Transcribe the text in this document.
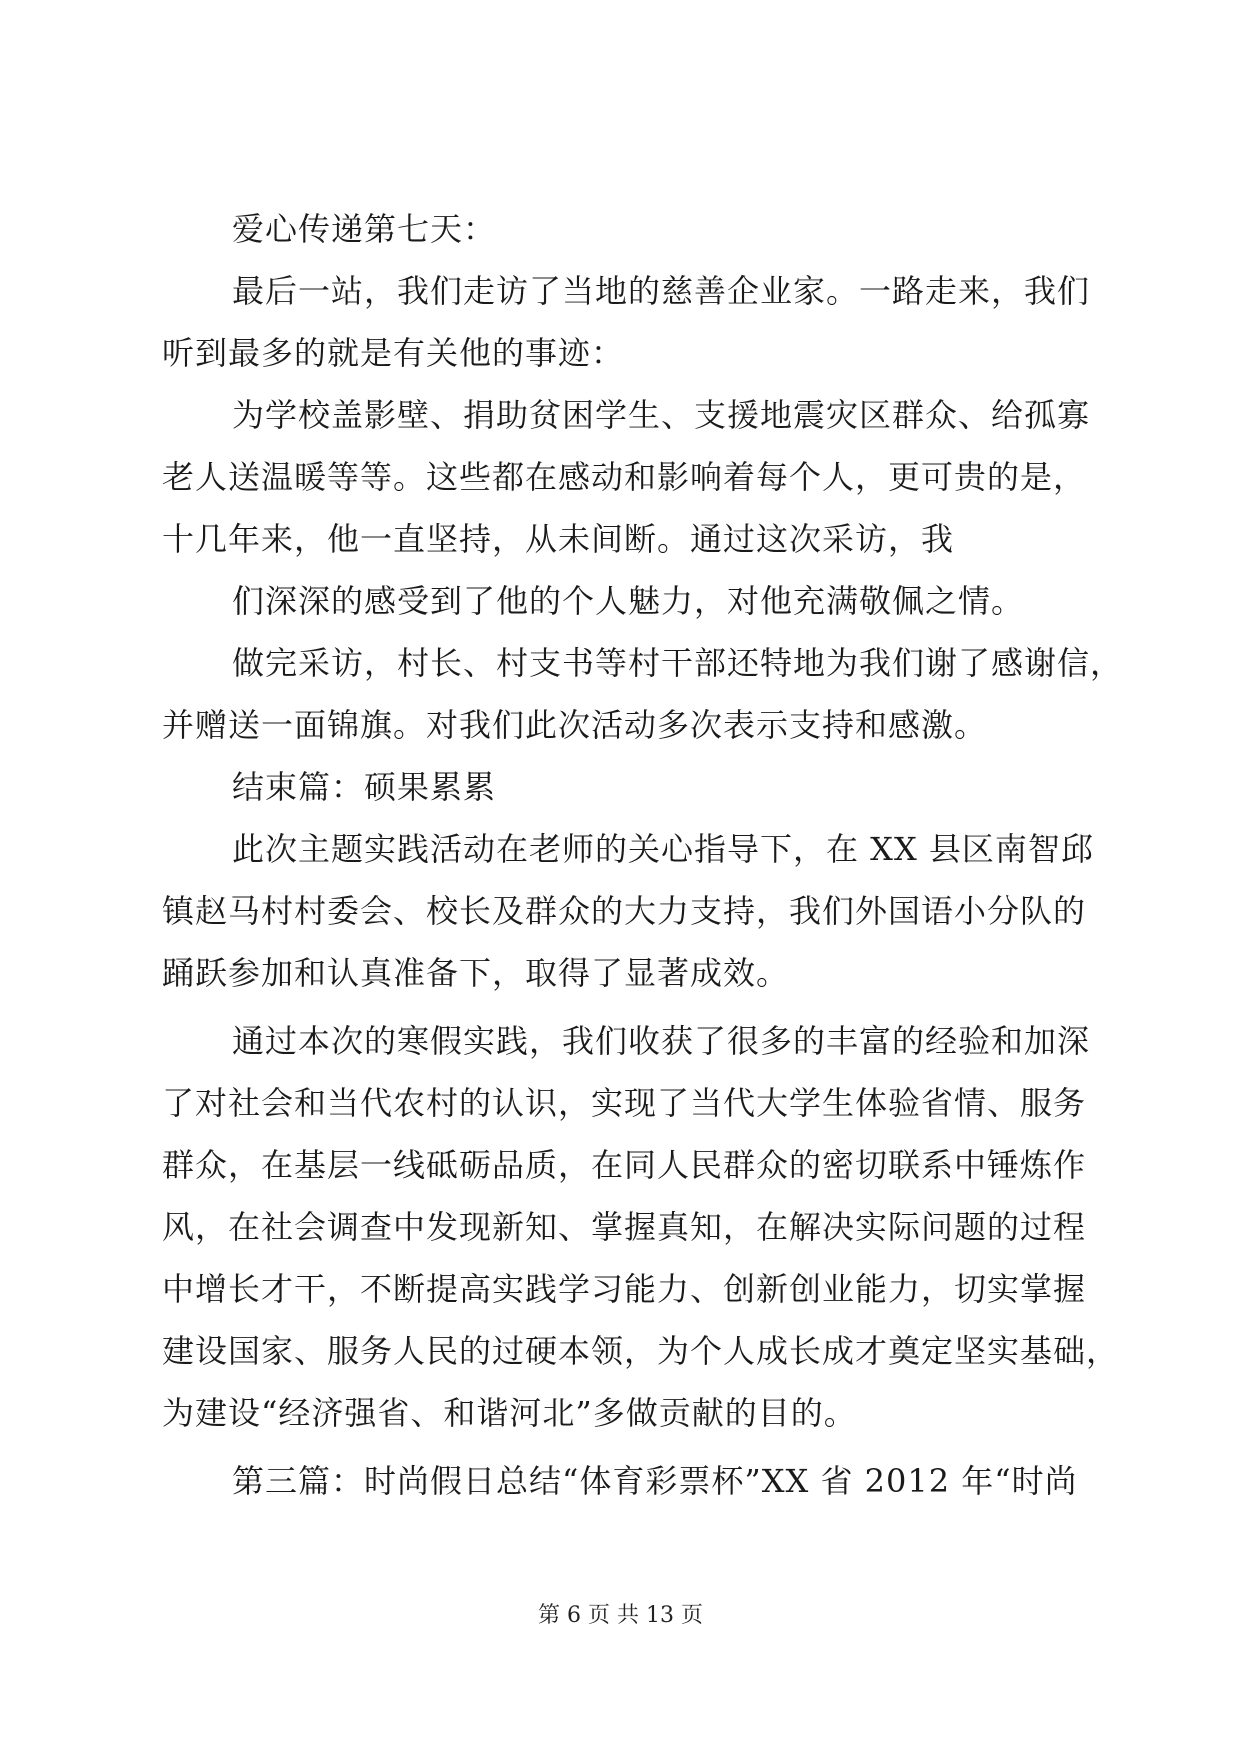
爱心传递第七天：
最后一站，我们走访了当地的慈善企业家。一路走来，我们
听到最多的就是有关他的事迹：
为学校盖影壁、捐助贫困学生、支援地震灾区群众、给孤寡
老人送温暖等等。这些都在感动和影响着每个人，更可贵的是，
十几年来，他一直坚持，从未间断。通过这次采访，我
们深深的感受到了他的个人魅力，对他充满敬佩之情。
做完采访，村长、村支书等村干部还特地为我们谢了感谢信，
并赠送一面锦旗。对我们此次活动多次表示支持和感激。
结束篇：硕果累累
此次主题实践活动在老师的关心指导下，在 XX 县区南智邱
镇赵马村村委会、校长及群众的大力支持，我们外国语小分队的
踊跃参加和认真准备下，取得了显著成效。
通过本次的寒假实践，我们收获了很多的丰富的经验和加深
了对社会和当代农村的认识，实现了当代大学生体验省情、服务
群众，在基层一线砥砺品质，在同人民群众的密切联系中锤炼作
风，在社会调查中发现新知、掌握真知，在解决实际问题的过程
中增长才干，不断提高实践学习能力、创新创业能力，切实掌握
建设国家、服务人民的过硬本领，为个人成长成才奠定坚实基础，
为建设“经济强省、和谐河北”多做贡献的目的。
第三篇：时尚假日总结“体育彩票杯”XX 省 2012 年“时尚
第 6 页 共 13 页
